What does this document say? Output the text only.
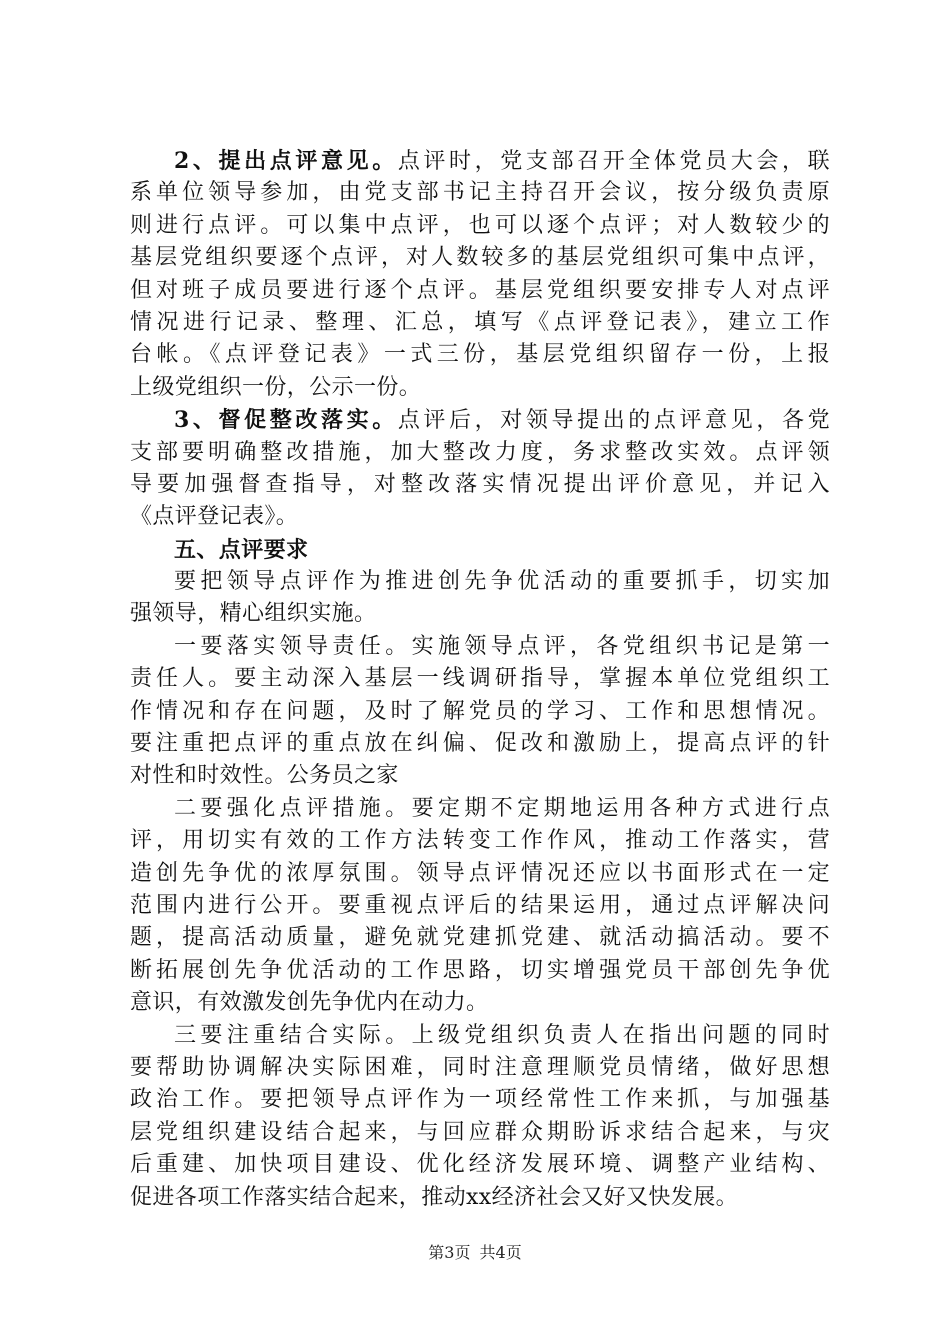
2、提出点评意见。点评时，党支部召开全体党员大会，联
系单位领导参加，由党支部书记主持召开会议，按分级负责原
则进行点评。可以集中点评，也可以逐个点评；对人数较少的
基层党组织要逐个点评，对人数较多的基层党组织可集中点评，
但对班子成员要进行逐个点评。基层党组织要安排专人对点评
情况进行记录、整理、汇总，填写《点评登记表》，建立工作
台帐。《点评登记表》一式三份，基层党组织留存一份，上报
上级党组织一份，公示一份。
3、督促整改落实。点评后，对领导提出的点评意见，各党
支部要明确整改措施，加大整改力度，务求整改实效。点评领
导要加强督查指导，对整改落实情况提出评价意见，并记入
《点评登记表》。
五、点评要求
要把领导点评作为推进创先争优活动的重要抓手，切实加
强领导，精心组织实施。
一要落实领导责任。实施领导点评，各党组织书记是第一
责任人。要主动深入基层一线调研指导，掌握本单位党组织工
作情况和存在问题，及时了解党员的学习、工作和思想情况。
要注重把点评的重点放在纠偏、促改和激励上，提高点评的针
对性和时效性。公务员之家
二要强化点评措施。要定期不定期地运用各种方式进行点
评，用切实有效的工作方法转变工作作风，推动工作落实，营
造创先争优的浓厚氛围。领导点评情况还应以书面形式在一定
范围内进行公开。要重视点评后的结果运用，通过点评解决问
题，提高活动质量，避免就党建抓党建、就活动搞活动。要不
断拓展创先争优活动的工作思路，切实增强党员干部创先争优
意识，有效激发创先争优内在动力。
三要注重结合实际。上级党组织负责人在指出问题的同时
要帮助协调解决实际困难，同时注意理顺党员情绪，做好思想
政治工作。要把领导点评作为一项经常性工作来抓，与加强基
层党组织建设结合起来，与回应群众期盼诉求结合起来，与灾
后重建、加快项目建设、优化经济发展环境、调整产业结构、
促进各项工作落实结合起来，推动xx经济社会又好又快发展。
第3页 共4页
